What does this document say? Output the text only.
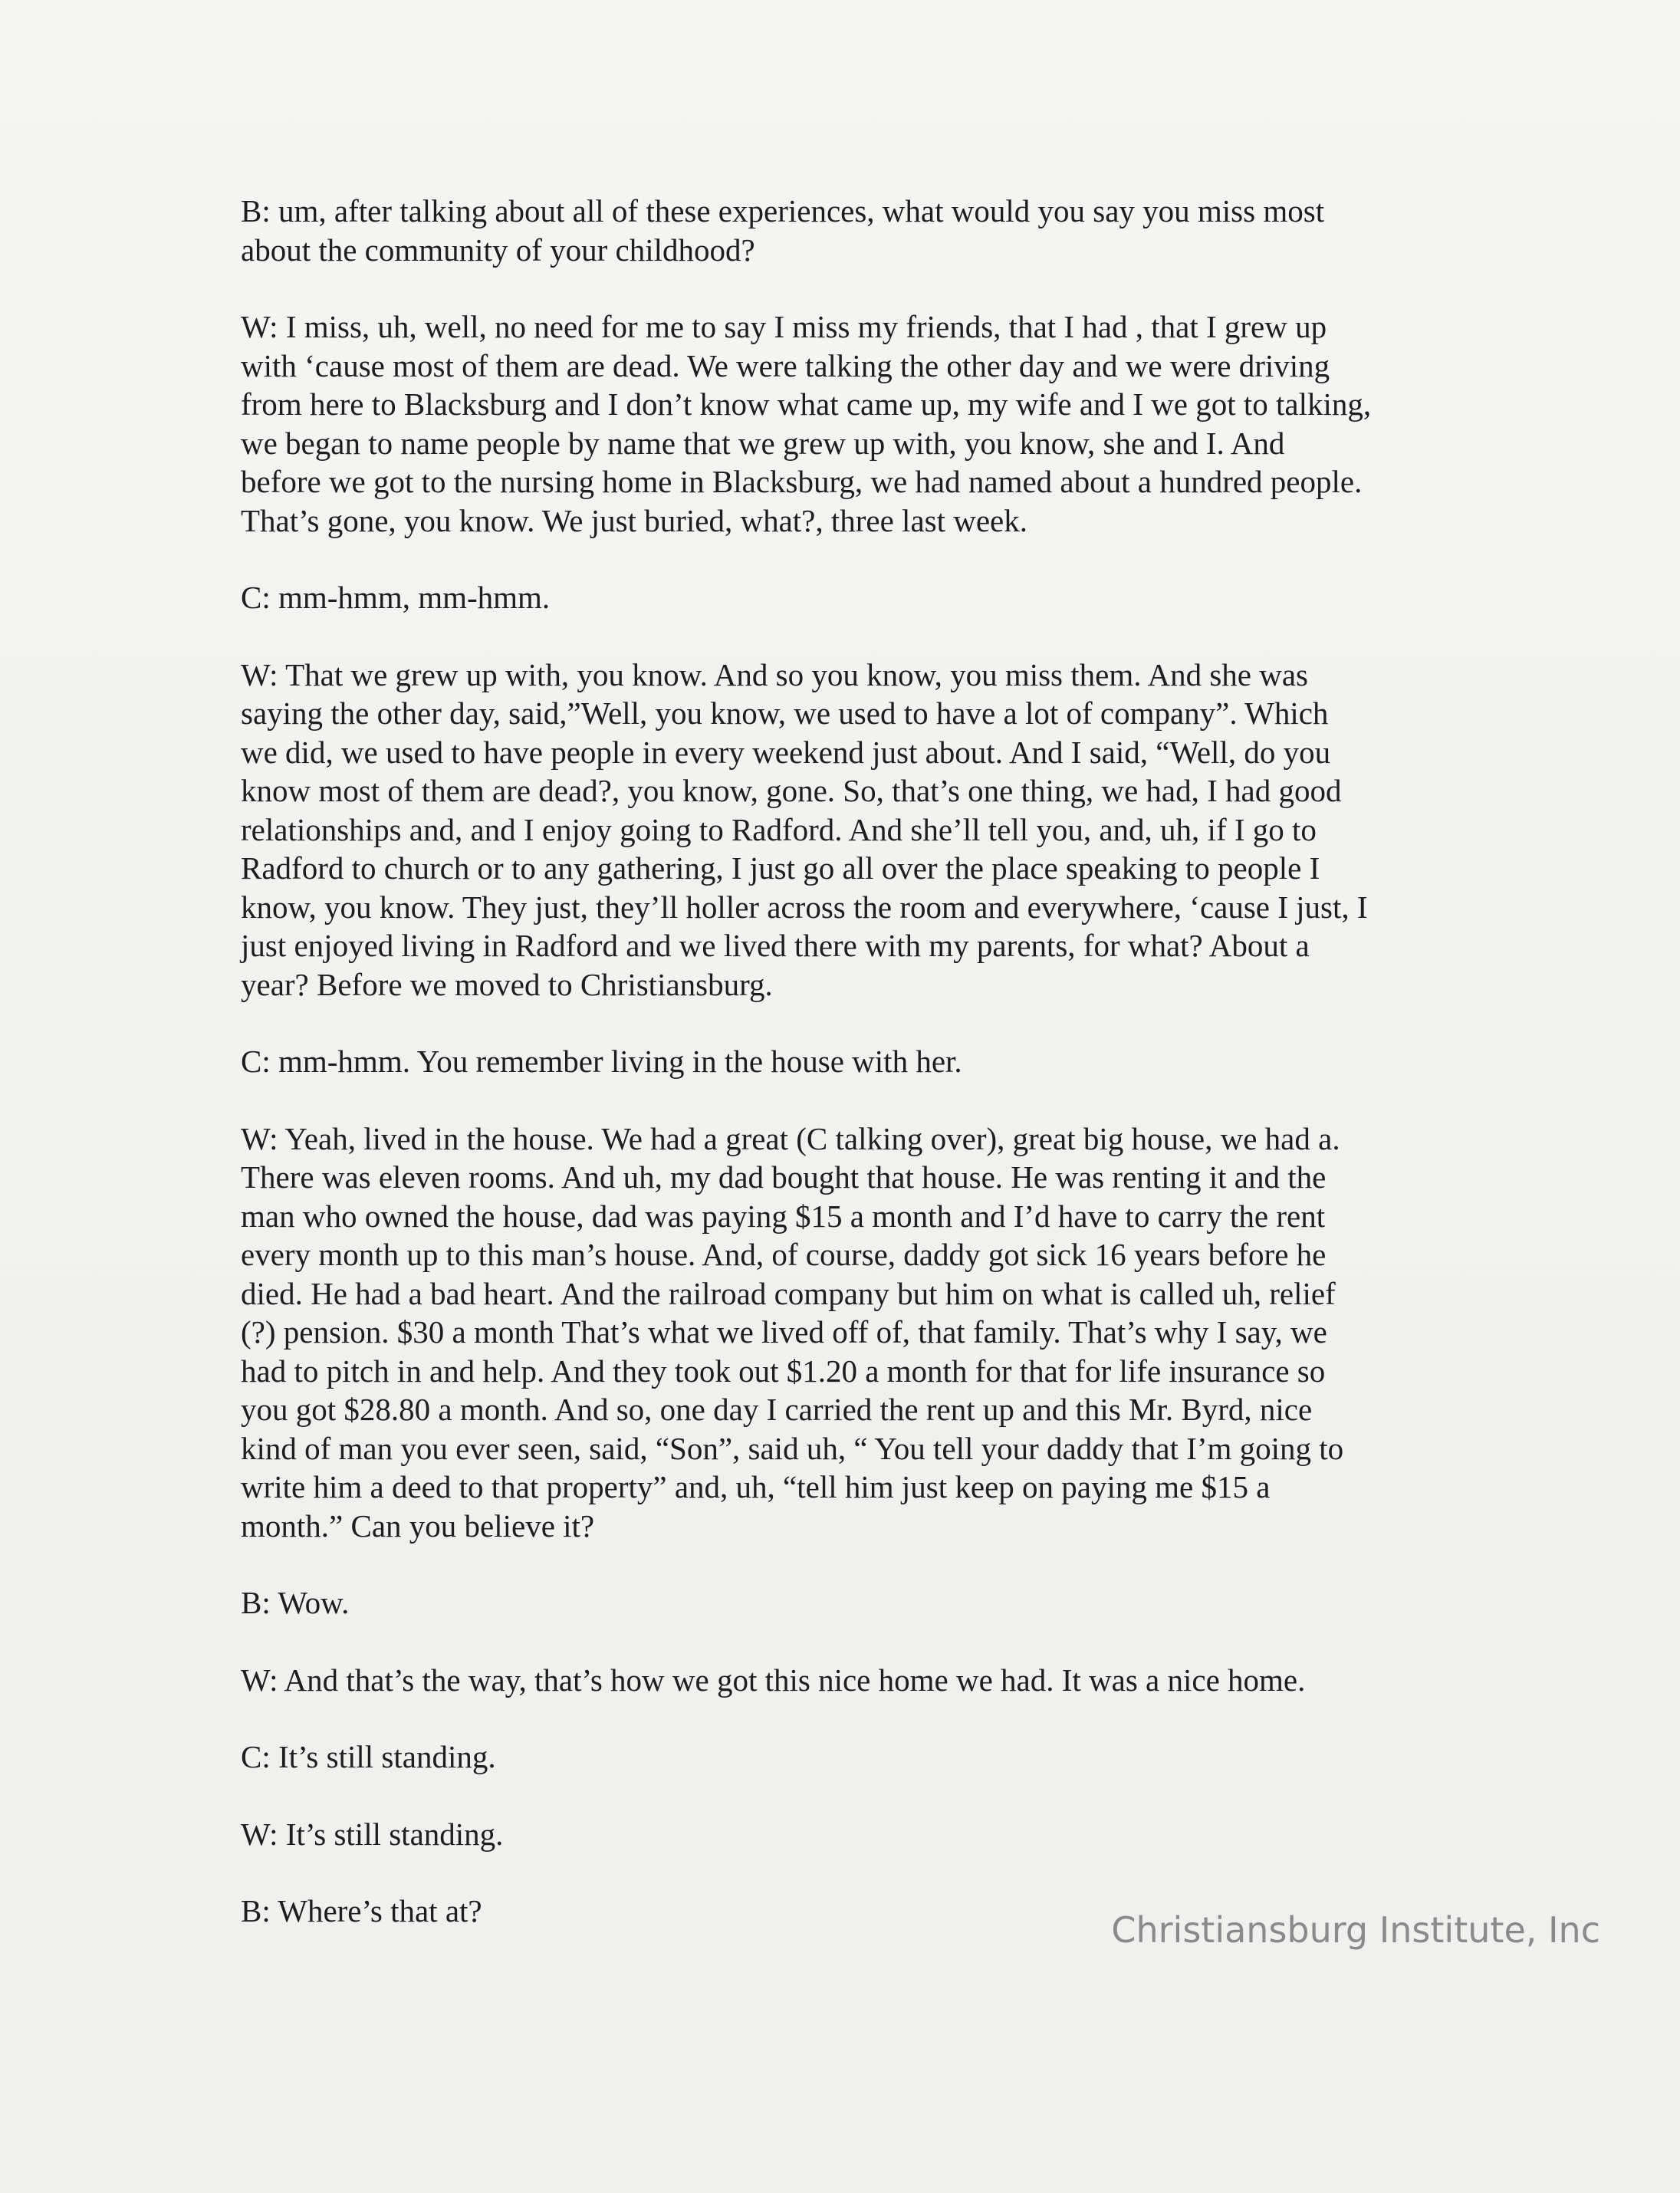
B: um, after talking about all of these experiences, what would you say you miss most
about the community of your childhood?

W: I miss, uh, well, no need for me to say I miss my friends, that I had , that I grew up
with ‘cause most of them are dead. We were talking the other day and we were driving
from here to Blacksburg and I don’t know what came up, my wife and I we got to talking,
we began to name people by name that we grew up with, you know, she and I. And
before we got to the nursing home in Blacksburg, we had named about a hundred people.
That’s gone, you know. We just buried, what?, three last week.

C: mm-hmm, mm-hmm.

W: That we grew up with, you know. And so you know, you miss them. And she was
saying the other day, said,”Well, you know, we used to have a lot of company”. Which
we did, we used to have people in every weekend just about. And I said, “Well, do you
know most of them are dead?, you know, gone. So, that’s one thing, we had, I had good
relationships and, and I enjoy going to Radford. And she’ll tell you, and, uh, if I go to
Radford to church or to any gathering, I just go all over the place speaking to people I
know, you know. They just, they’ll holler across the room and everywhere, ‘cause I just, I
just enjoyed living in Radford and we lived there with my parents, for what? About a
year? Before we moved to Christiansburg.

C: mm-hmm. You remember living in the house with her.

W: Yeah, lived in the house. We had a great (C talking over), great big house, we had a.
There was eleven rooms. And uh, my dad bought that house. He was renting it and the
man who owned the house, dad was paying $15 a month and I’d have to carry the rent
every month up to this man’s house. And, of course, daddy got sick 16 years before he
died. He had a bad heart. And the railroad company but him on what is called uh, relief
(?) pension. $30 a month That’s what we lived off of, that family. That’s why I say, we
had to pitch in and help. And they took out $1.20 a month for that for life insurance so
you got $28.80 a month. And so, one day I carried the rent up and this Mr. Byrd, nice
kind of man you ever seen, said, “Son”, said uh, “ You tell your daddy that I’m going to
write him a deed to that property” and, uh, “tell him just keep on paying me $15 a
month.” Can you believe it?

B: Wow.

W: And that’s the way, that’s how we got this nice home we had. It was a nice home.

C: It’s still standing.

W: It’s still standing.

B: Where’s that at?	Christiansburg Institute, Inc
